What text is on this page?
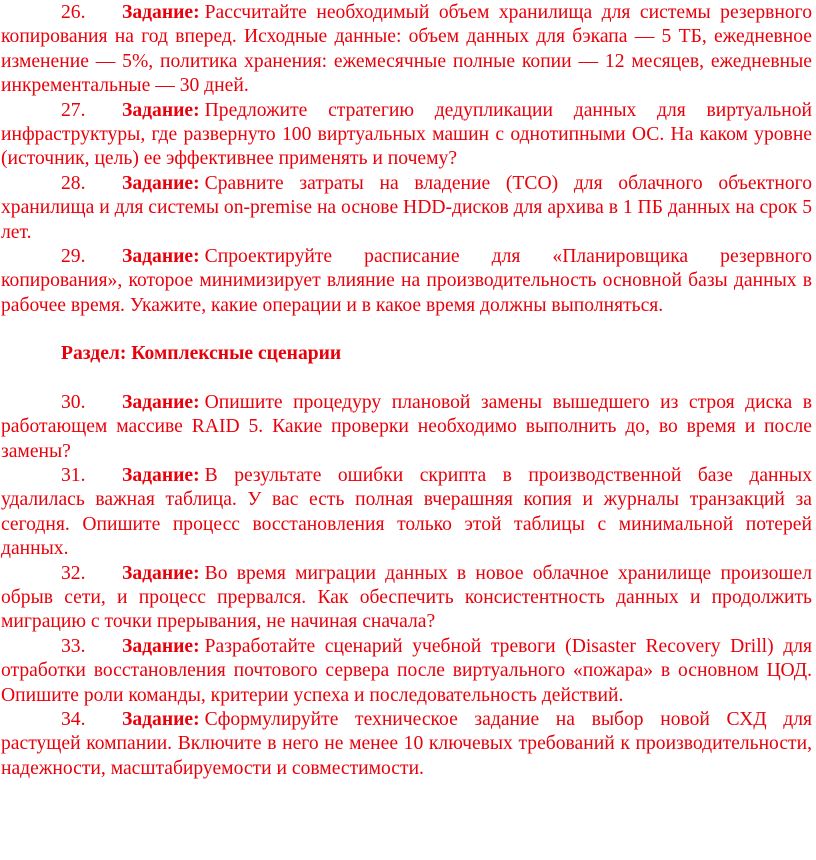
26. Задание: Рассчитайте необходимый объем хранилища для системы резервного копирования на год вперед. Исходные данные: объем данных для бэкапа — 5 ТБ, ежедневное изменение — 5%, политика хранения: ежемесячные полные копии — 12 месяцев, ежедневные инкрементальные — 30 дней.

27. Задание: Предложите стратегию дедупликации данных для виртуальной инфраструктуры, где развернуто 100 виртуальных машин с однотипными ОС. На каком уровне (источник, цель) ее эффективнее применять и почему?

28. Задание: Сравните затраты на владение (TCO) для облачного объектного хранилища и для системы on-premise на основе HDD-дисков для архива в 1 ПБ данных на срок 5 лет.

29. Задание: Спроектируйте расписание для «Планировщика резервного копирования», которое минимизирует влияние на производительность основной базы данных в рабочее время. Укажите, какие операции и в какое время должны выполняться.

Раздел: Комплексные сценарии

30. Задание: Опишите процедуру плановой замены вышедшего из строя диска в работающем массиве RAID 5. Какие проверки необходимо выполнить до, во время и после замены?

31. Задание: В результате ошибки скрипта в производственной базе данных удалилась важная таблица. У вас есть полная вчерашняя копия и журналы транзакций за сегодня. Опишите процесс восстановления только этой таблицы с минимальной потерей данных.

32. Задание: Во время миграции данных в новое облачное хранилище произошел обрыв сети, и процесс прервался. Как обеспечить консистентность данных и продолжить миграцию с точки прерывания, не начиная сначала?

33. Задание: Разработайте сценарий учебной тревоги (Disaster Recovery Drill) для отработки восстановления почтового сервера после виртуального «пожара» в основном ЦОД. Опишите роли команды, критерии успеха и последовательность действий.

34. Задание: Сформулируйте техническое задание на выбор новой СХД для растущей компании. Включите в него не менее 10 ключевых требований к производительности, надежности, масштабируемости и совместимости.
